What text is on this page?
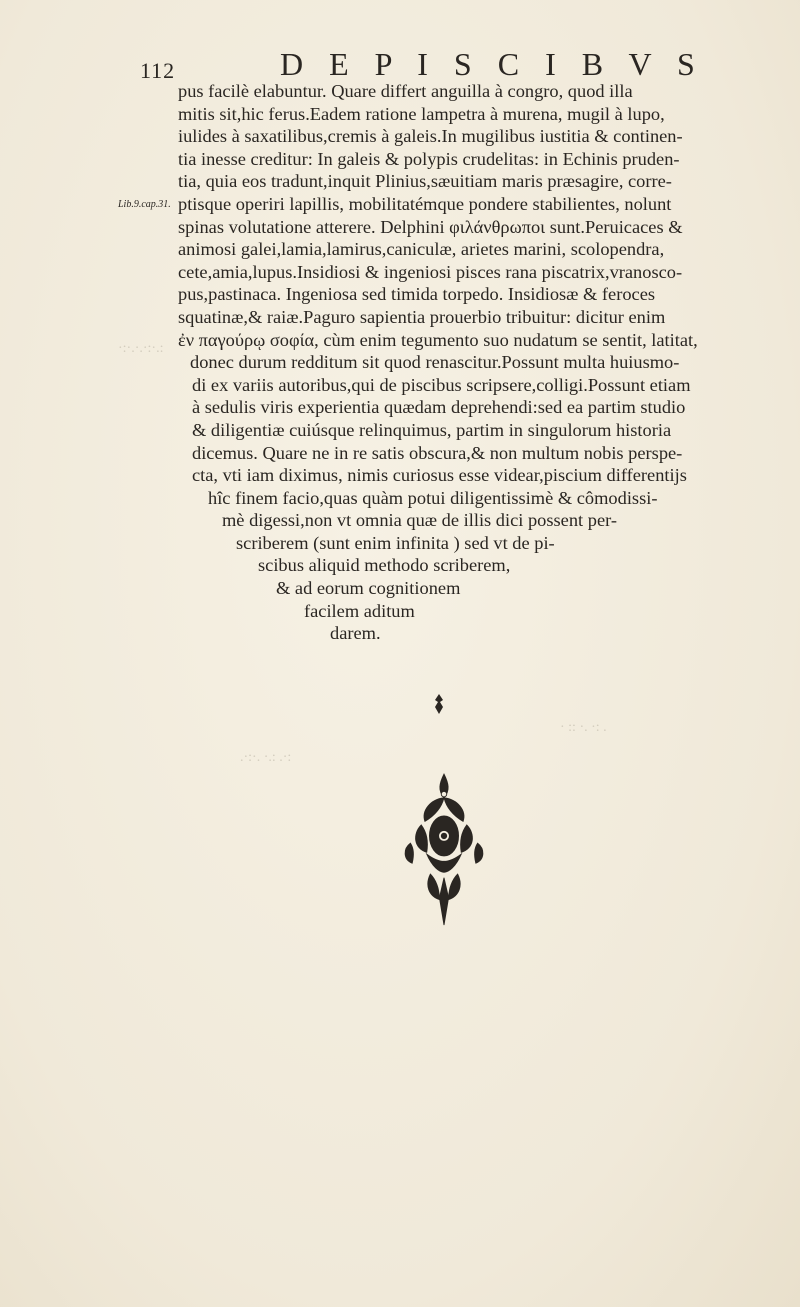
112	D E P I S C I B V S
Lib.9.cap.31.
pus facilè elabuntur. Quare differt anguilla à congro, quod illa
mitis sit,hic ferus.Eadem ratione lampetra à murena, mugil à lupo,
iulides à saxatilibus,cremis à galeis.In mugilibus iustitia & continen-
tia inesse creditur: In galeis & polypis crudelitas: in Echinis pruden-
tia, quia eos tradunt,inquit Plinius,sæuitiam maris præsagire, corre-
ptisque operiri lapillis, mobilitatémque pondere stabilientes, nolunt
spinas volutatione atterere. Delphini φιλάνθρωποι sunt.Peruicaces &
animosi galei,lamia,lamirus,caniculæ, arietes marini, scolopendra,
cete,amia,lupus.Insidiosi & ingeniosi pisces rana piscatrix,vranosco-
pus,pastinaca. Ingeniosa sed timida torpedo. Insidiosæ & feroces
squatinæ,& raiæ.Paguro sapientia prouerbio tribuitur: dicitur enim
ἐν παγούρῳ σοφία, cùm enim tegumento suo nudatum se sentit, latitat,
donec durum redditum sit quod renascitur.Possunt multa huiusmo-
di ex variis autoribus,qui de piscibus scripsere,colligi.Possunt etiam
à sedulis viris experientia quædam deprehendi:sed ea partim studio
& diligentiæ cuiúsque relinquimus, partim in singulorum historia
dicemus. Quare ne in re satis obscura,& non multum nobis perspe-
cta, vti iam diximus, nimis curiosus esse videar,piscium differentijs
hîc finem facio,quas quàm potui diligentissimè & cômodissi-
mè digessi,non vt omnia quæ de illis dici possent per-
scriberem (sunt enim infinita ) sed vt de pi-
scibus aliquid methodo scriberem,
& ad eorum cognitionem
facilem aditum
darem.
·:·.·.·:·.:
· :: ·. ·: .
.·:·. ·.: .·:
